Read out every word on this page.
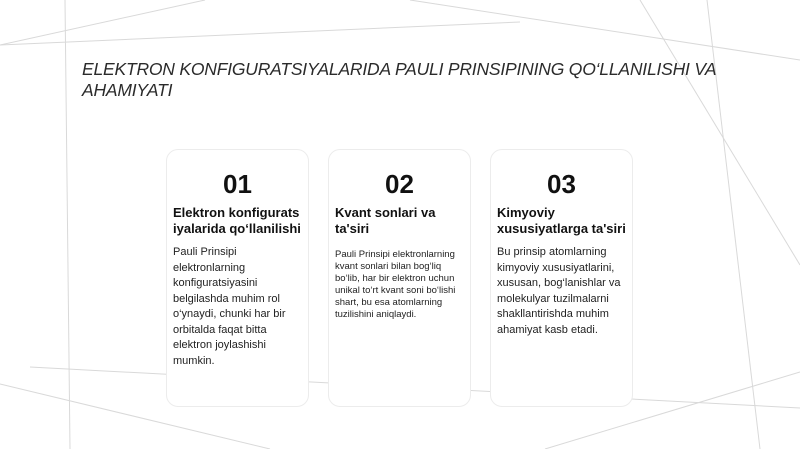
ELEKTRON KONFIGURATSIYALARIDA PAULI PRINSIPINING QO‘LLANILISHI VA AHAMIYATI
01
Elektron konfiguratsiyalarida qo‘llanilishi
Pauli Prinsipi elektronlarning konfiguratsiyasini belgilashda muhim rol o‘ynaydi, chunki har bir orbitalda faqat bitta elektron joylashishi mumkin.
02
Kvant sonlari va ta'siri
Pauli Prinsipi elektronlarning kvant sonlari bilan bog‘liq bo‘lib, har bir elektron uchun unikal to‘rt kvant soni bo‘lishi shart, bu esa atomlarning tuzilishini aniqlaydi.
03
Kimyoviy xususiyatlarga ta'siri
Bu prinsip atomlarning kimyoviy xususiyatlarini, xususan, bog‘lanishlar va molekulyar tuzilmalarni shakllantirishda muhim ahamiyat kasb etadi.
